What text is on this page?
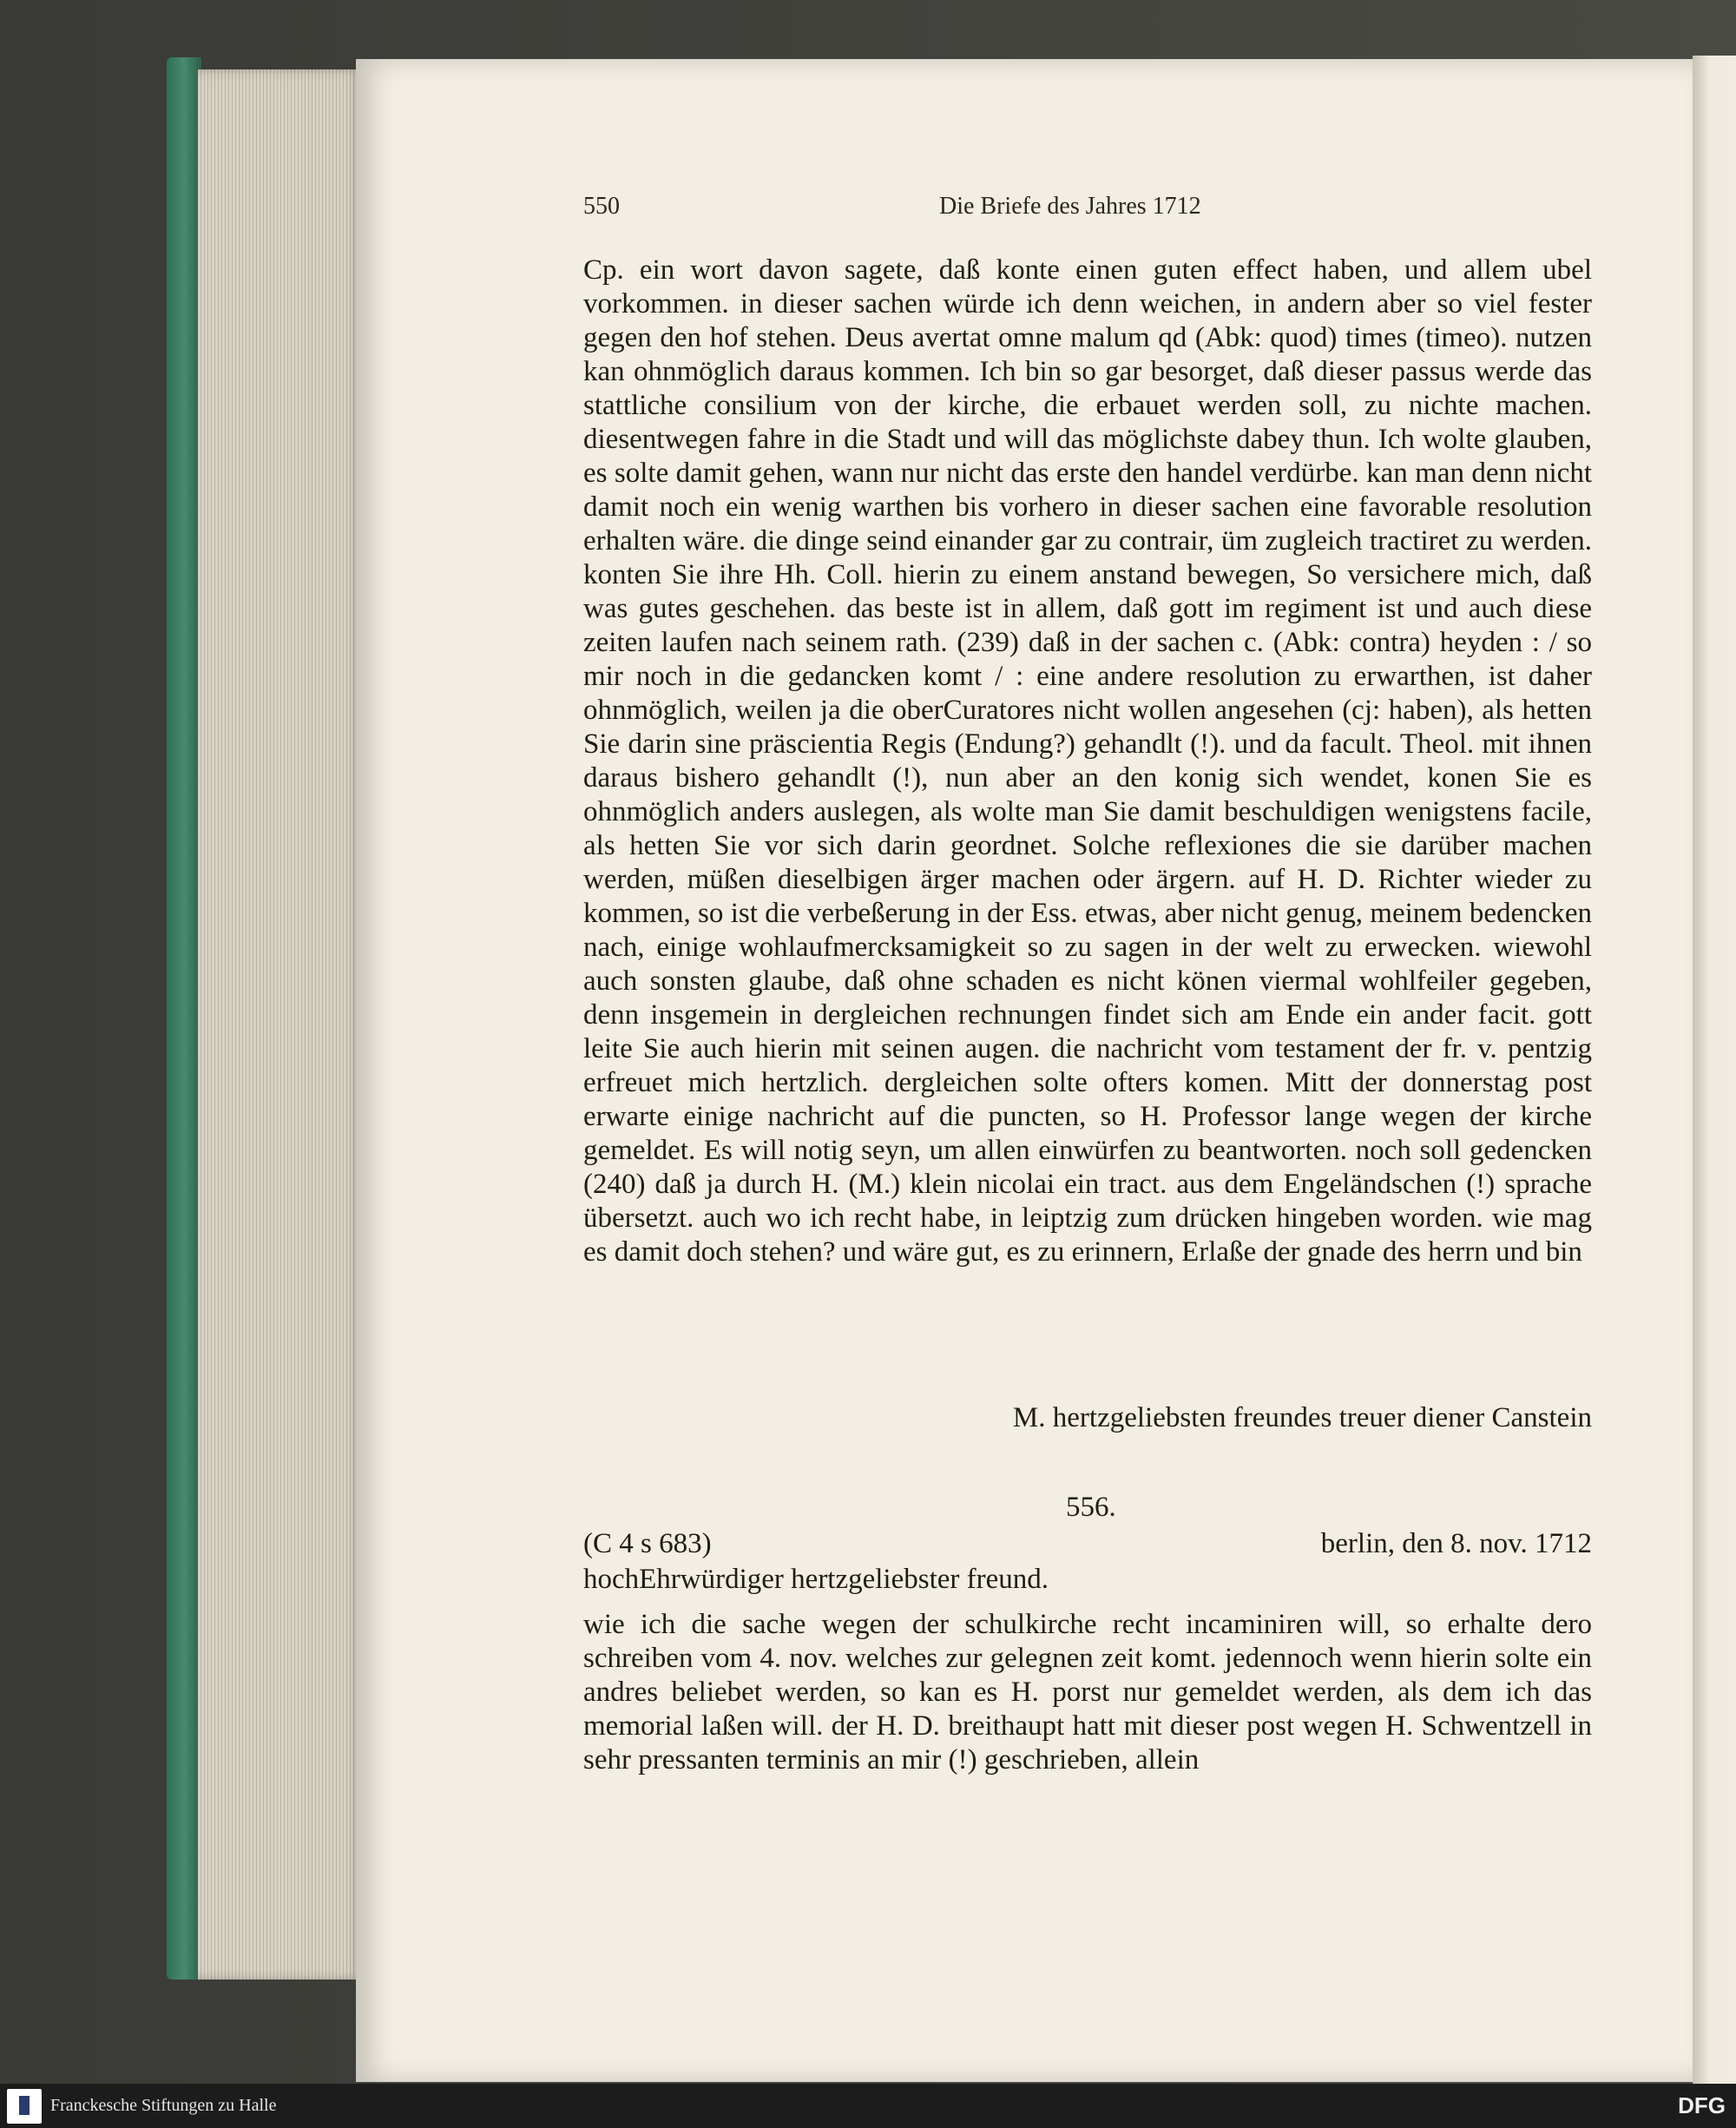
550	Die Briefe des Jahres 1712

Cp. ein wort davon sagete, daß konte einen guten effect haben, und allem ubel vorkommen. in dieser sachen würde ich denn weichen, in andern aber so viel fester gegen den hof stehen. Deus avertat omne malum qd (Abk: quod) times (timeo). nutzen kan ohnmöglich daraus kommen. Ich bin so gar besorget, daß dieser passus werde das stattliche consilium von der kirche, die erbauet werden soll, zu nichte machen. diesentwegen fahre in die Stadt und will das möglichste dabey thun. Ich wolte glauben, es solte damit gehen, wann nur nicht das erste den handel verdürbe. kan man denn nicht damit noch ein wenig warthen bis vorhero in dieser sachen eine favorable resolution erhalten wäre. die dinge seind einander gar zu contrair, üm zugleich tractiret zu werden. konten Sie ihre Hh. Coll. hierin zu einem anstand bewegen, So versichere mich, daß was gutes geschehen. das beste ist in allem, daß gott im regiment ist und auch diese zeiten laufen nach seinem rath. (239) daß in der sachen c. (Abk: contra) heyden : / so mir noch in die gedancken komt / : eine andere resolution zu erwarthen, ist daher ohnmöglich, weilen ja die oberCuratores nicht wollen angesehen (cj: haben), als hetten Sie darin sine präscientia Regis (Endung?) gehandlt (!). und da facult. Theol. mit ihnen daraus bishero gehandlt (!), nun aber an den konig sich wendet, konen Sie es ohnmöglich anders auslegen, als wolte man Sie damit beschuldigen wenigstens facile, als hetten Sie vor sich darin geordnet. Solche reflexiones die sie darüber machen werden, müßen dieselbigen ärger machen oder ärgern. auf H. D. Richter wieder zu kommen, so ist die verbeßerung in der Ess. etwas, aber nicht genug, meinem bedencken nach, einige wohlaufmercksamigkeit so zu sagen in der welt zu erwecken. wiewohl auch sonsten glaube, daß ohne schaden es nicht könen viermal wohlfeiler gegeben, denn insgemein in dergleichen rechnungen findet sich am Ende ein ander facit. gott leite Sie auch hierin mit seinen augen. die nachricht vom testament der fr. v. pentzig erfreuet mich hertzlich. dergleichen solte ofters komen. Mitt der donnerstag post erwarte einige nachricht auf die puncten, so H. Professor lange wegen der kirche gemeldet. Es will notig seyn, um allen einwürfen zu beantworten. noch soll gedencken (240) daß ja durch H. (M.) klein nicolai ein tract. aus dem Engeländschen (!) sprache übersetzt. auch wo ich recht habe, in leiptzig zum drücken hingeben worden. wie mag es damit doch stehen? und wäre gut, es zu erinnern, Erlaße der gnade des herrn und bin

M. hertzgeliebsten freundes treuer diener Canstein
556.
(C 4 s 683)	berlin, den 8. nov. 1712
hochEhrwürdiger hertzgeliebster freund.

wie ich die sache wegen der schulkirche recht incaminiren will, so erhalte dero schreiben vom 4. nov. welches zur gelegnen zeit komt. jedennoch wenn hierin solte ein andres beliebet werden, so kan es H. porst nur gemeldet werden, als dem ich das memorial laßen will. der H. D. breithaupt hatt mit dieser post wegen H. Schwentzell in sehr pressanten terminis an mir (!) geschrieben, allein

Franckesche Stiftungen zu Halle	DFG
